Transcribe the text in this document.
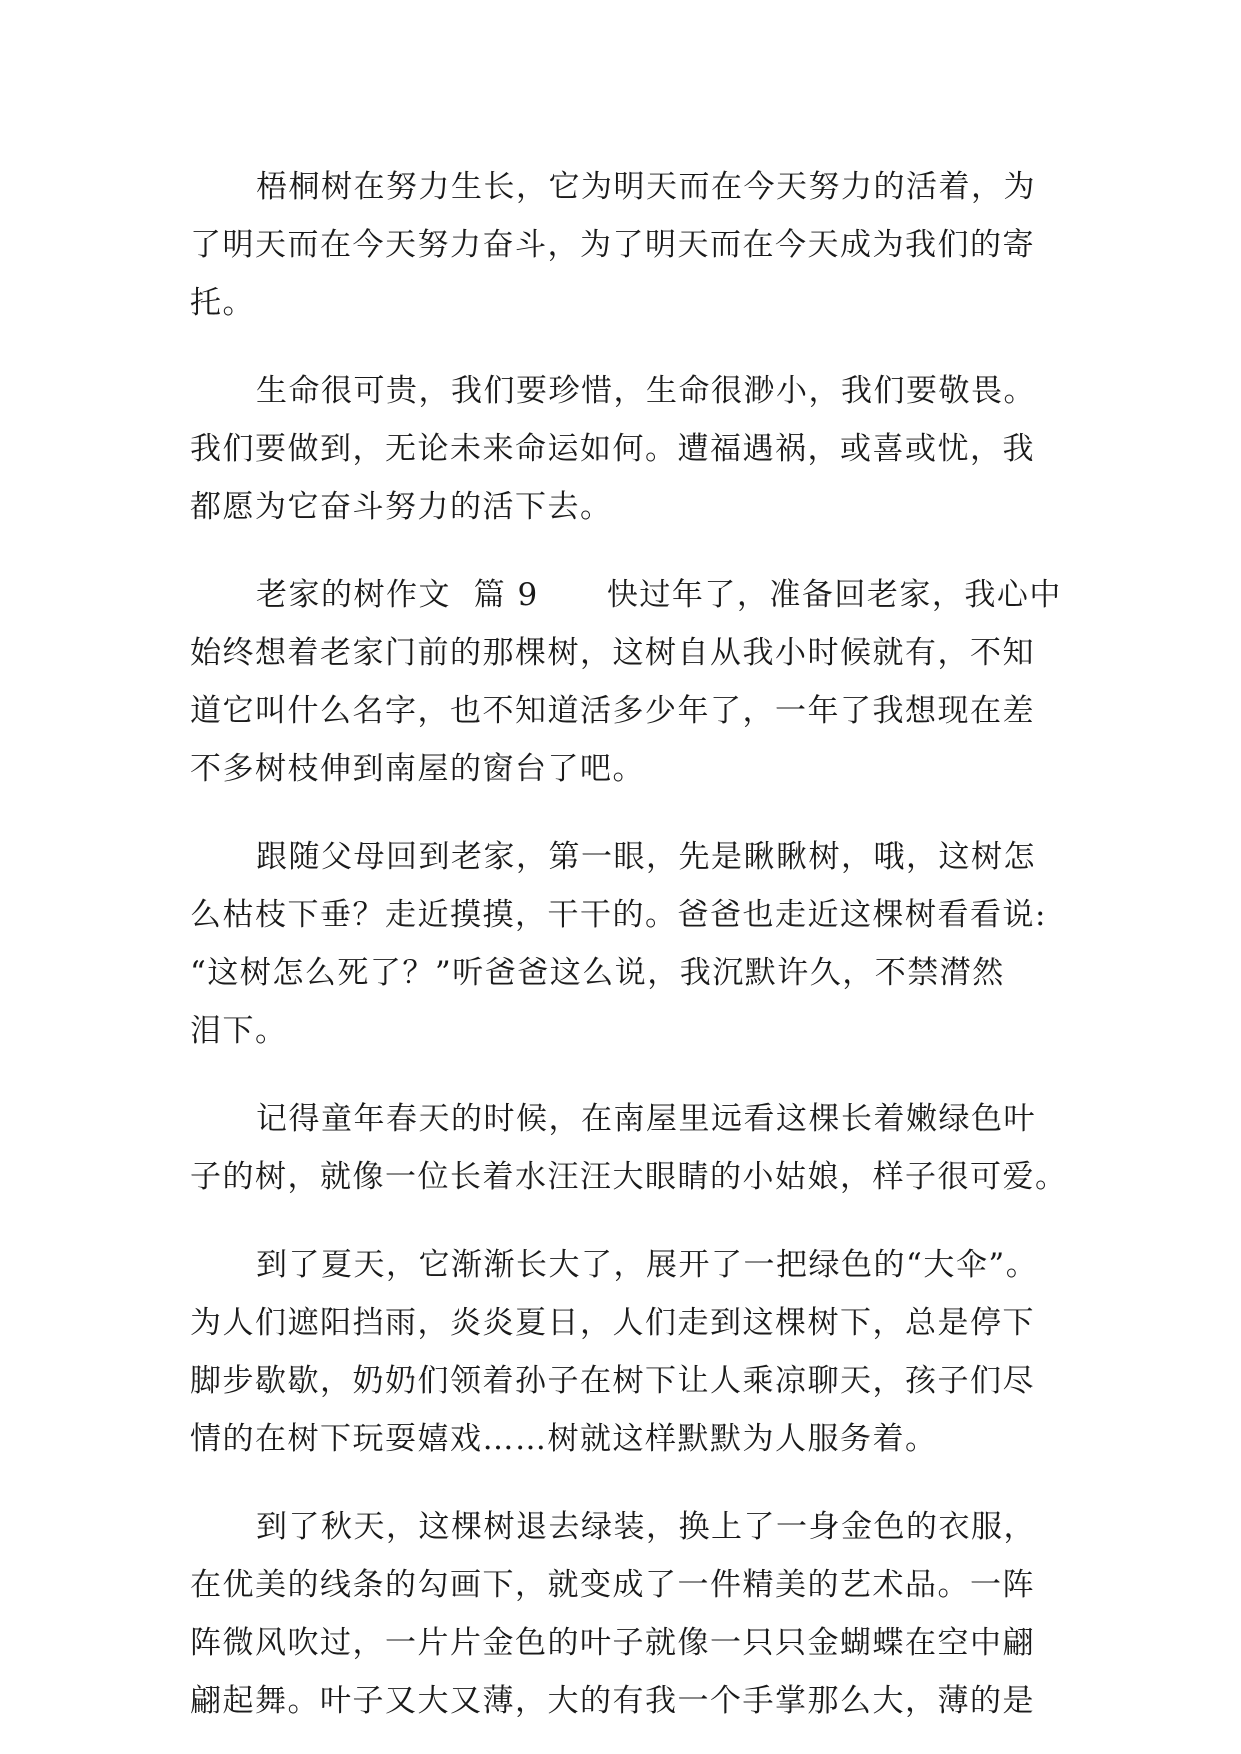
梧桐树在努力生长，它为明天而在今天努力的活着，为
了明天而在今天努力奋斗，为了明天而在今天成为我们的寄
托。
生命很可贵，我们要珍惜，生命很渺小，我们要敬畏。
我们要做到，无论未来命运如何。遭福遇祸，或喜或忧，我
都愿为它奋斗努力的活下去。
老家的树作文  篇 9      快过年了，准备回老家，我心中
始终想着老家门前的那棵树，这树自从我小时候就有，不知
道它叫什么名字，也不知道活多少年了，一年了我想现在差
不多树枝伸到南屋的窗台了吧。
跟随父母回到老家，第一眼，先是瞅瞅树，哦，这树怎
么枯枝下垂？走近摸摸，干干的。爸爸也走近这棵树看看说:
“这树怎么死了？”听爸爸这么说，我沉默许久，不禁潸然
泪下。
记得童年春天的时候，在南屋里远看这棵长着嫩绿色叶
子的树，就像一位长着水汪汪大眼睛的小姑娘，样子很可爱。
到了夏天，它渐渐长大了，展开了一把绿色的“大伞”。
为人们遮阳挡雨，炎炎夏日，人们走到这棵树下，总是停下
脚步歇歇，奶奶们领着孙子在树下让人乘凉聊天，孩子们尽
情的在树下玩耍嬉戏……树就这样默默为人服务着。
到了秋天，这棵树退去绿装，换上了一身金色的衣服，
在优美的线条的勾画下，就变成了一件精美的艺术品。一阵
阵微风吹过，一片片金色的叶子就像一只只金蝴蝶在空中翩
翩起舞。叶子又大又薄，大的有我一个手掌那么大，薄的是
